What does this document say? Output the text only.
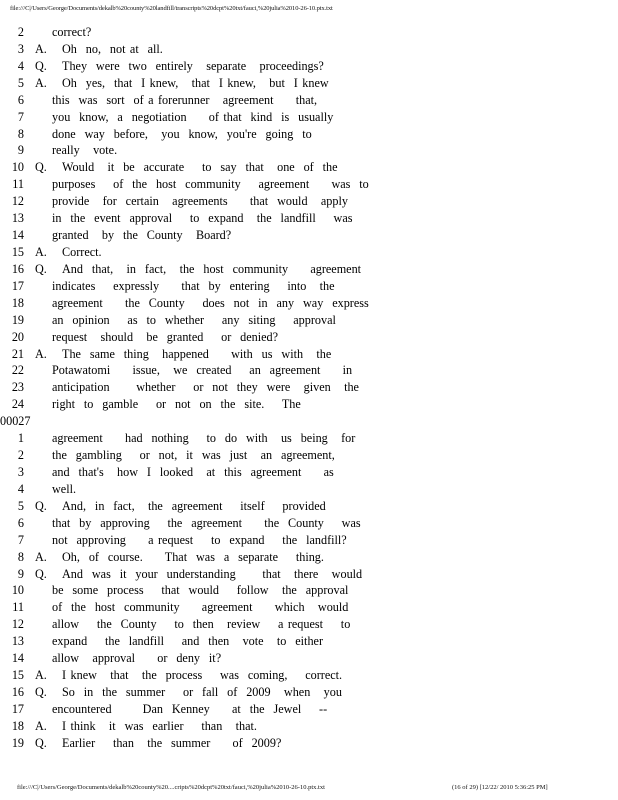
file:///C|/Users/George/Documents/dekalb%20county%20landfill/transcripts%20dcpt%20txt/fauci,%20julia%2010-26-10.ptx.txt
2 correct?
3 A. Oh  no,  not at  all.
4 Q. They  were  two  entirely   separate   proceedings?
5 A. Oh  yes,  that  I knew,   that  I knew,   but  I knew
6 this  was  sort  of a forerunner   agreement     that,
7 you  know,  a  negotiation     of that  kind  is  usually
8 done  way  before,   you  know,  you're  going  to
9 really   vote.
10 Q. Would   it  be  accurate    to  say  that   one  of  the
11 purposes    of  the  host  community    agreement     was  to
12 provide   for  certain   agreements     that  would   apply
13 in  the  event  approval    to  expand   the  landfill    was
14 granted   by  the  County   Board?
15 A. Correct.
16 Q. And  that,   in  fact,   the  host  community     agreement
17 indicates    expressly     that  by  entering    into   the
18 agreement     the  County    does  not  in  any  way  express
19 an  opinion    as  to  whether    any  siting    approval
20 request   should   be  granted    or  denied?
21 A. The  same  thing   happened     with  us  with   the
22 Potawatomi     issue,   we  created    an  agreement     in
23 anticipation      whether    or  not  they  were   given   the
24 right  to  gamble    or  not  on  the  site.    The
00027
1 agreement     had  nothing    to  do  with   us  being   for
2 the  gambling    or  not,  it  was  just   an  agreement,
3 and  that's   how  I  looked   at  this  agreement     as
4 well.
5 Q. And,  in  fact,   the  agreement    itself    provided
6 that  by  approving    the  agreement     the  County    was
7 not  approving     a request    to  expand    the  landfill?
8 A. Oh,  of  course.     That  was  a  separate    thing.
9 Q. And  was  it  your  understanding      that   there   would
10 be  some  process    that  would    follow   the  approval
11 of  the  host  community     agreement     which   would
12 allow    the  County    to  then   review    a request    to
13 expand    the  landfill    and  then   vote   to  either
14 allow   approval     or  deny  it?
15 A. I knew   that   the  process    was  coming,    correct.
16 Q. So  in  the  summer    or  fall  of  2009   when   you
17 encountered       Dan  Kenney     at  the  Jewel    --
18 A. I think   it  was  earlier    than   that.
19 Q. Earlier    than   the  summer     of  2009?
file:///C|/Users/George/Documents/dekalb%20county%20....cripts%20dcpt%20txt/fauci,%20julia%2010-26-10.ptx.txt	(16 of 29) [12/22/ 2010 5:36:25 PM]
